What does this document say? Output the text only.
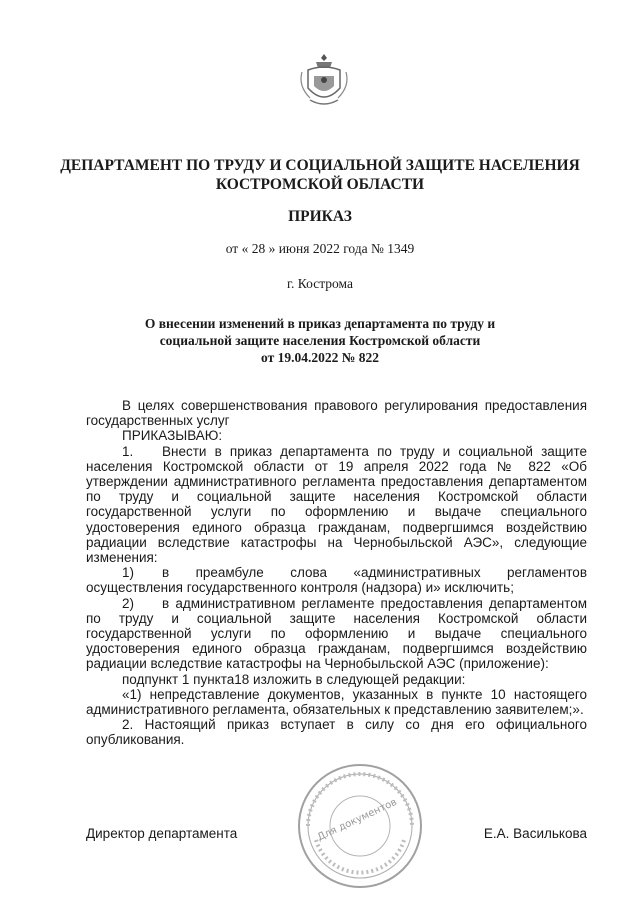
ДЕПАРТАМЕНТ ПО ТРУДУ И СОЦИАЛЬНОЙ ЗАЩИТЕ НАСЕЛЕНИЯ
КОСТРОМСКОЙ ОБЛАСТИ
ПРИКАЗ
от « 28 » июня 2022 года № 1349
г. Кострома
О внесении изменений в приказ департамента по труду и
социальной защите населения Костромской области
от 19.04.2022 № 822

В целях совершенствования правового регулирования предоставления государственных услуг

ПРИКАЗЫВАЮ:

1. Внести в приказ департамента по труду и социальной защите населения Костромской области от 19 апреля 2022 года № 822 «Об утверждении административного регламента предоставления департаментом по труду и социальной защите населения Костромской области государственной услуги по оформлению и выдаче специального удостоверения единого образца гражданам, подвергшимся воздействию радиации вследствие катастрофы на Чернобыльской АЭС», следующие изменения:

1) в преамбуле слова «административных регламентов осуществления государственного контроля (надзора) и» исключить;

2) в административном регламенте предоставления департаментом по труду и социальной защите населения Костромской области государственной услуги по оформлению и выдаче специального удостоверения единого образца гражданам, подвергшимся воздействию радиации вследствие катастрофы на Чернобыльской АЭС (приложение):

подпункт 1 пункта18 изложить в следующей редакции:

«1) непредставление документов, указанных в пункте 10 настоящего административного регламента, обязательных к представлению заявителем;».

2. Настоящий приказ вступает в силу со дня его официального опубликования.

Директор департамента	Е.А. Василькова
Для документов
